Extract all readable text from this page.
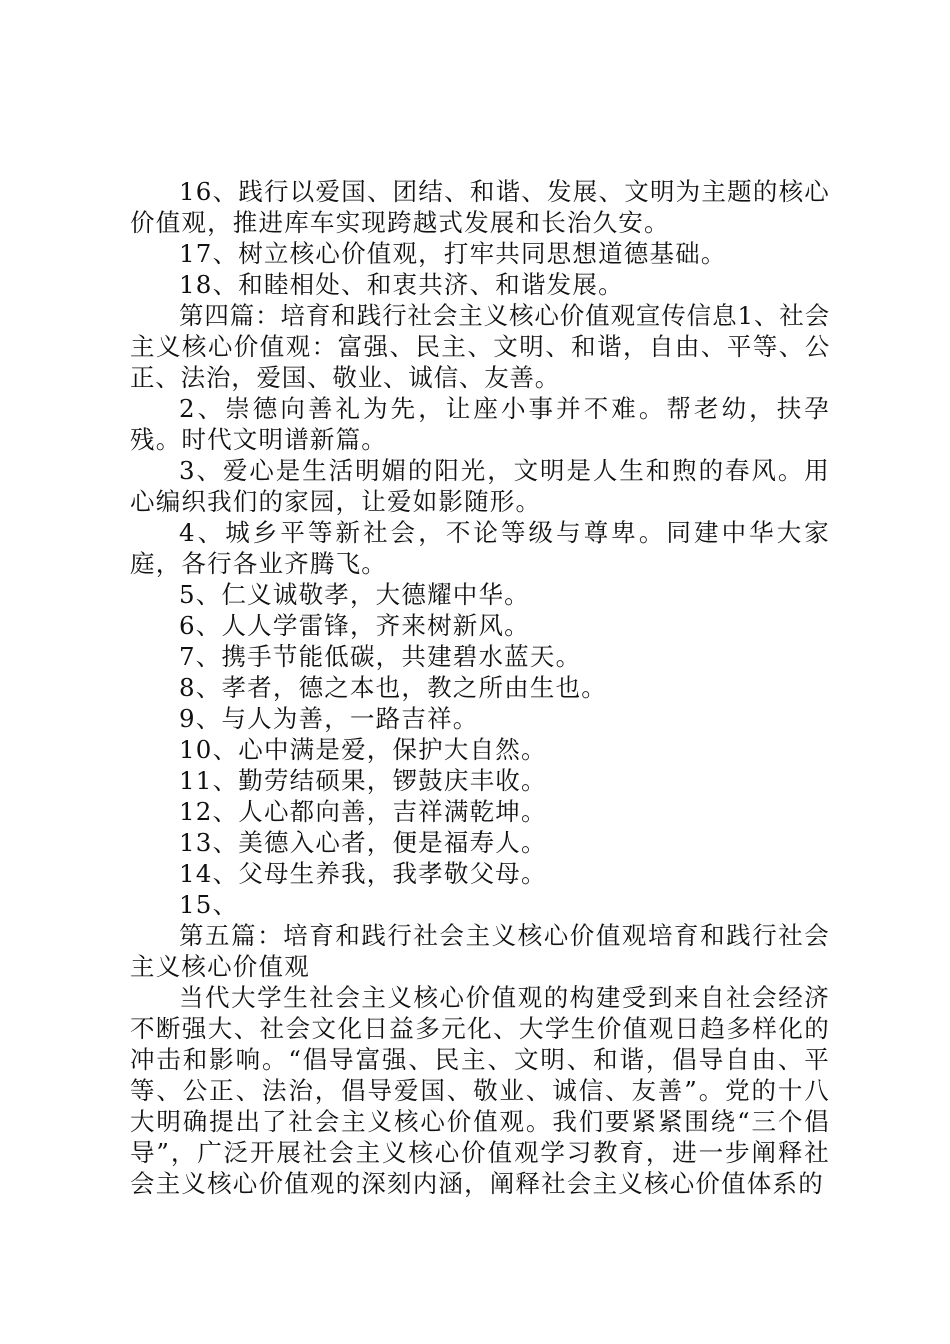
16、践行以爱国、团结、和谐、发展、文明为主题的核心价值观，推进库车实现跨越式发展和长治久安。

17、树立核心价值观，打牢共同思想道德基础。

18、和睦相处、和衷共济、和谐发展。

第四篇：培育和践行社会主义核心价值观宣传信息1、社会主义核心价值观：富强、民主、文明、和谐，自由、平等、公正、法治，爱国、敬业、诚信、友善。

2、崇德向善礼为先，让座小事并不难。帮老幼，扶孕残。时代文明谱新篇。

3、爱心是生活明媚的阳光，文明是人生和煦的春风。用心编织我们的家园，让爱如影随形。

4、城乡平等新社会，不论等级与尊卑。同建中华大家庭，各行各业齐腾飞。

5、仁义诚敬孝，大德耀中华。

6、人人学雷锋，齐来树新风。

7、携手节能低碳，共建碧水蓝天。

8、孝者，德之本也，教之所由生也。

9、与人为善，一路吉祥。

10、心中满是爱，保护大自然。

11、勤劳结硕果，锣鼓庆丰收。

12、人心都向善，吉祥满乾坤。

13、美德入心者，便是福寿人。

14、父母生养我，我孝敬父母。

15、

第五篇：培育和践行社会主义核心价值观培育和践行社会主义核心价值观

当代大学生社会主义核心价值观的构建受到来自社会经济不断强大、社会文化日益多元化、大学生价值观日趋多样化的冲击和影响。“倡导富强、民主、文明、和谐，倡导自由、平等、公正、法治，倡导爱国、敬业、诚信、友善”。党的十八大明确提出了社会主义核心价值观。我们要紧紧围绕“三个倡导”，广泛开展社会主义核心价值观学习教育，进一步阐释社会主义核心价值观的深刻内涵，阐释社会主义核心价值体系的
